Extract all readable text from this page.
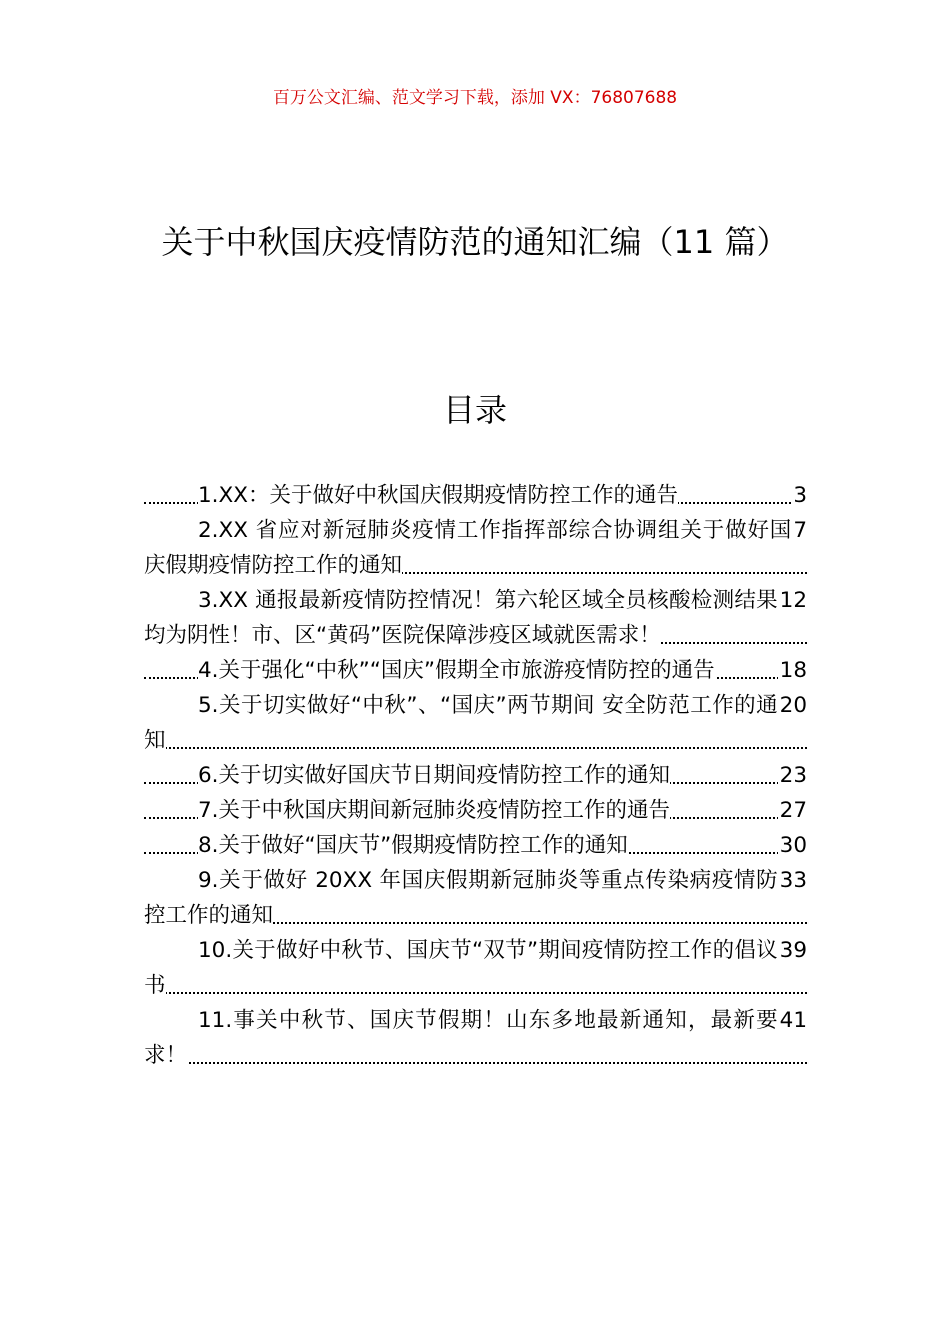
百万公文汇编、范文学习下载，添加 VX：76807688
关于中秋国庆疫情防范的通知汇编（11 篇）
目录
3
1.XX：关于做好中秋国庆假期疫情防控工作的通告
7
2.XX 省应对新冠肺炎疫情工作指挥部综合协调组关于做好国庆假期疫情防控工作的通知
12
3.XX 通报最新疫情防控情况！第六轮区域全员核酸检测结果均为阴性！市、区“黄码”医院保障涉疫区域就医需求！
18
4.关于强化“中秋”“国庆”假期全市旅游疫情防控的通告
20
5.关于切实做好“中秋”、“国庆”两节期间 安全防范工作的通知
23
6.关于切实做好国庆节日期间疫情防控工作的通知
27
7.关于中秋国庆期间新冠肺炎疫情防控工作的通告
30
8.关于做好“国庆节”假期疫情防控工作的通知
33
9.关于做好 20XX 年国庆假期新冠肺炎等重点传染病疫情防控工作的通知
39
10.关于做好中秋节、国庆节“双节”期间疫情防控工作的倡议书
41
11.事关中秋节、国庆节假期！山东多地最新通知，最新要求！
